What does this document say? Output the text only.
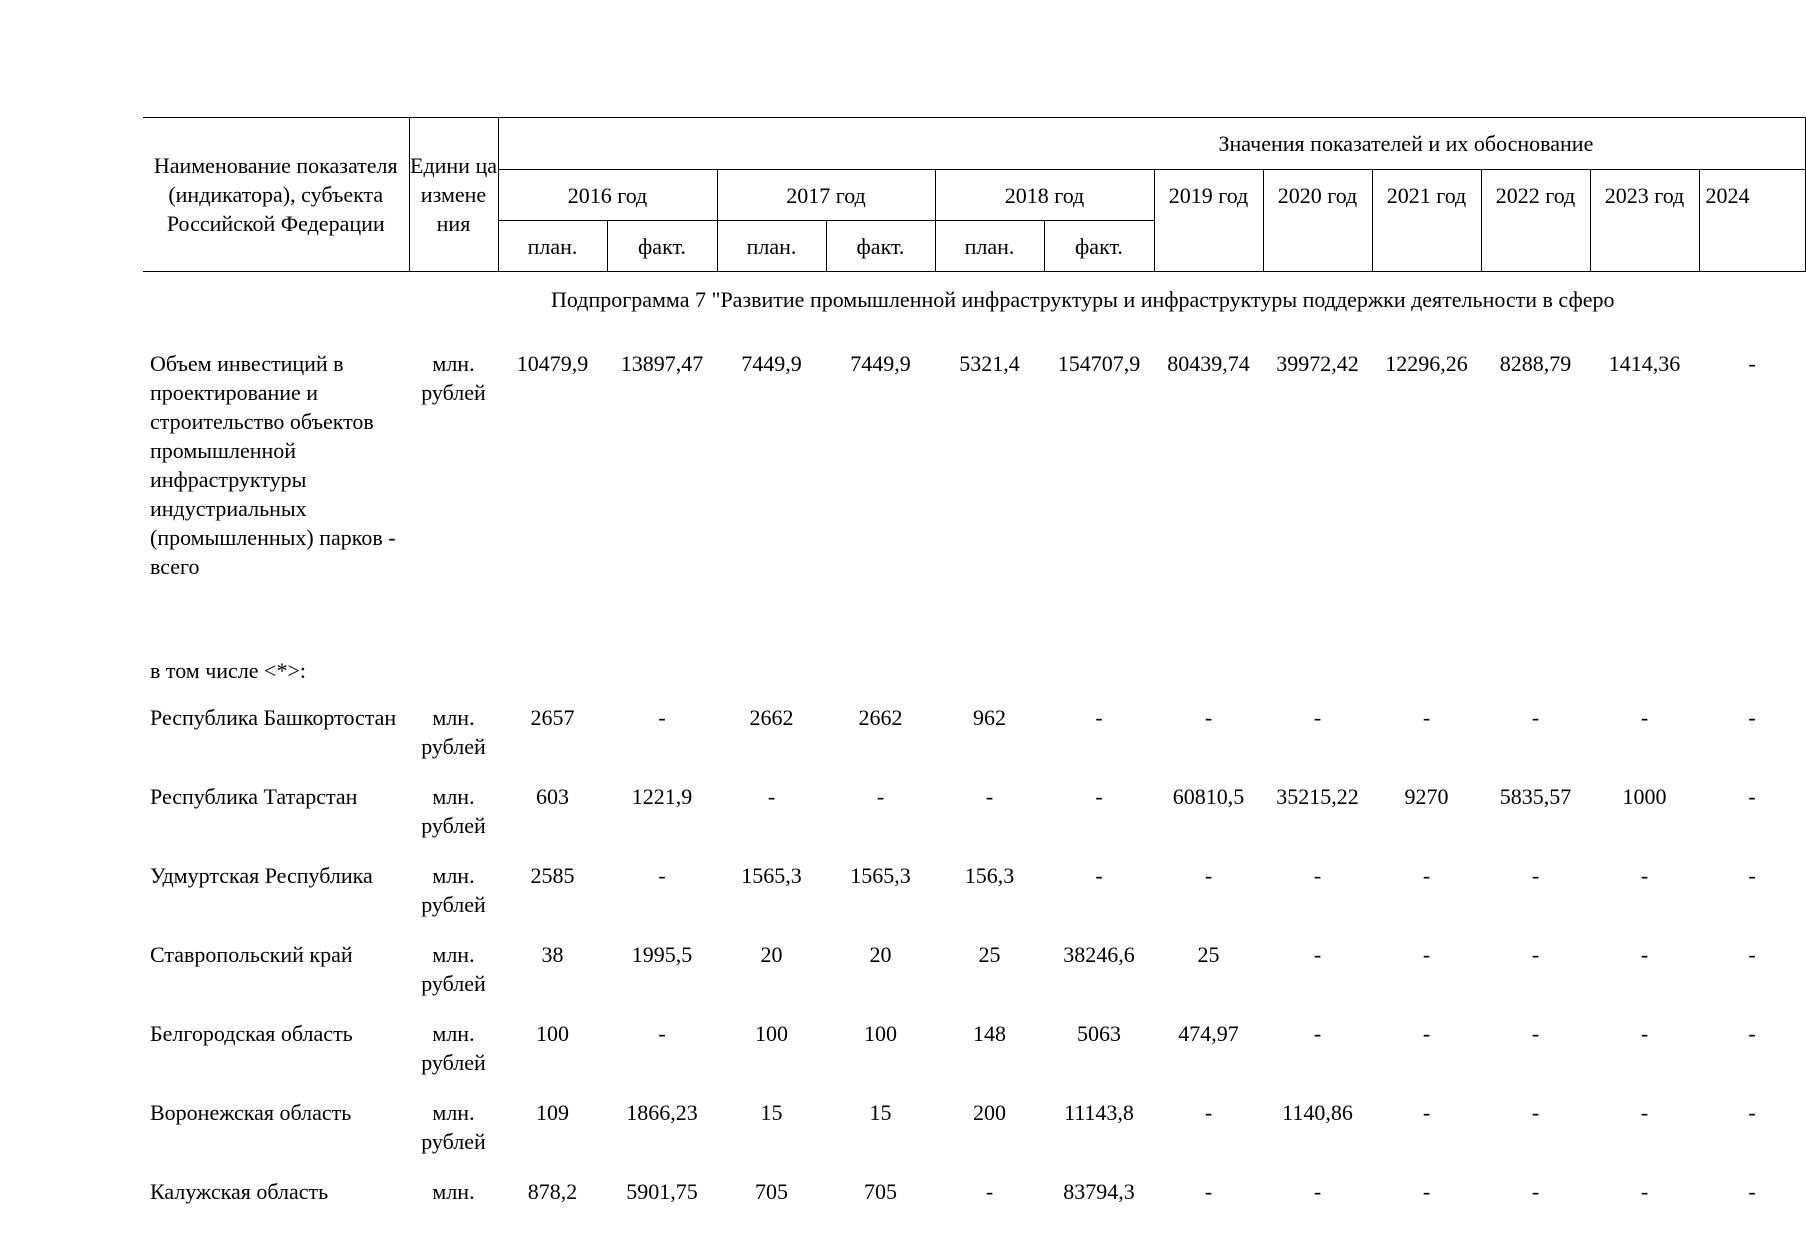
Наименование показателя (индикатора), субъекта Российской Федерации	Едини ца измене ния	Значения показателей и их обоснование											
		2016 год		2017 год		2018 год		2019 год	2020 год	2021 год	2022 год	2023 год	2024
		план.	факт.	план.	факт.	план.	факт.						
Подпрограмма 7 "Развитие промышленной инфраструктуры и инфраструктуры поддержки деятельности в сферо													
Объем инвестиций в проектирование и строительство объектов промышленной инфраструктуры индустриальных (промышленных) парков - всего	млн. рублей	10479,9	13897,47	7449,9	7449,9	5321,4	154707,9	80439,74	39972,42	12296,26	8288,79	1414,36	-
в том числе <*>:													
Республика Башкортостан	млн. рублей	2657	-	2662	2662	962	-	-	-	-	-	-	-
Республика Татарстан	млн. рублей	603	1221,9	-	-	-	-	60810,5	35215,22	9270	5835,57	1000	-
Удмуртская Республика	млн. рублей	2585	-	1565,3	1565,3	156,3	-	-	-	-	-	-	-
Ставропольский край	млн. рублей	38	1995,5	20	20	25	38246,6	25	-	-	-	-	-
Белгородская область	млн. рублей	100	-	100	100	148	5063	474,97	-	-	-	-	-
Воронежская область	млн. рублей	109	1866,23	15	15	200	11143,8	-	1140,86	-	-	-	-
Калужская область	млн.	878,2	5901,75	705	705	-	83794,3	-	-	-	-	-	-
